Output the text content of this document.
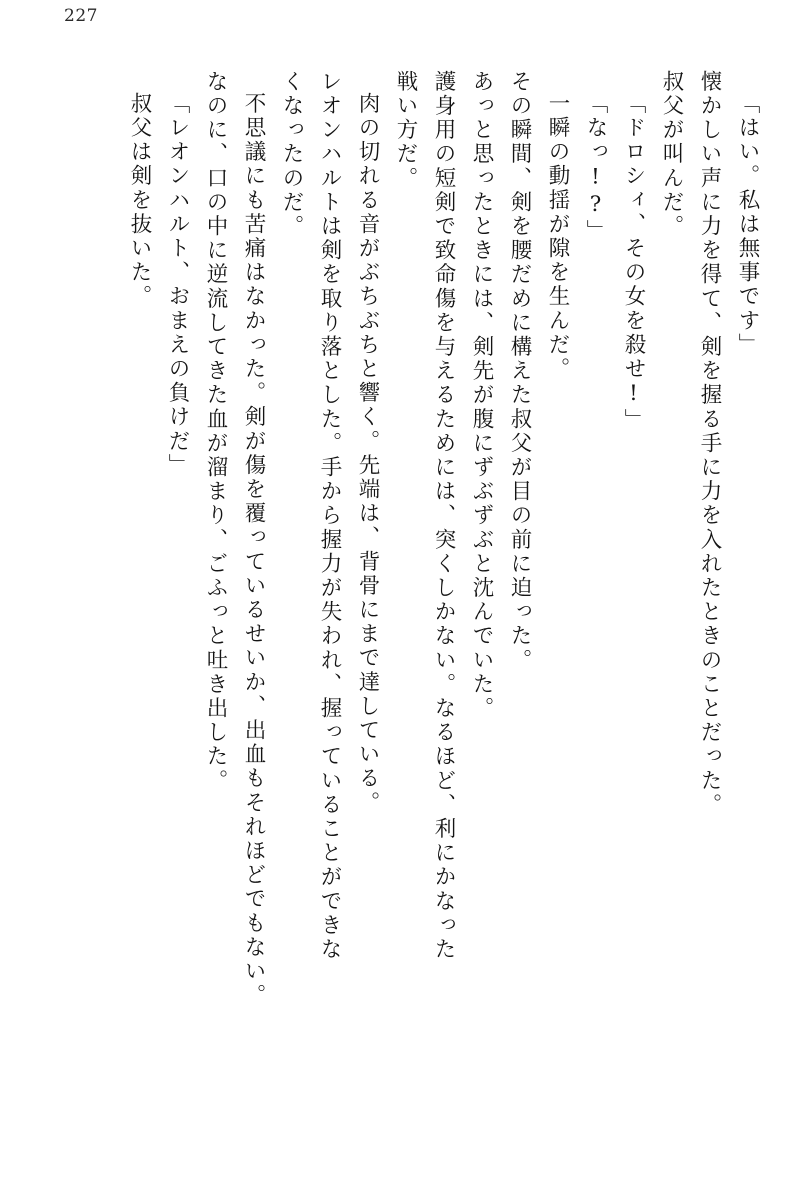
227
「はい。私は無事です」
懐かしい声に力を得て、剣を握る手に力を入れたときのことだった。
叔父が叫んだ。
「ドロシィ、その女を殺せ!」
「なっ!?」
一瞬の動揺が隙を生んだ。
その瞬間、剣を腰だめに構えた叔父が目の前に迫った。
あっと思ったときには、剣先が腹にずぶずぶと沈んでいた。
護身用の短剣で致命傷を与えるためには、突くしかない。なるほど、利にかなった
戦い方だ。
肉の切れる音がぶちぶちと響く。先端は、背骨にまで達している。
レオンハルトは剣を取り落とした。手から握力が失われ、握っていることができな
くなったのだ。
不思議にも苦痛はなかった。剣が傷を覆っているせいか、出血もそれほどでもない。
なのに、口の中に逆流してきた血が溜まり、ごふっと吐き出した。
「レオンハルト、おまえの負けだ」
叔父は剣を抜いた。
